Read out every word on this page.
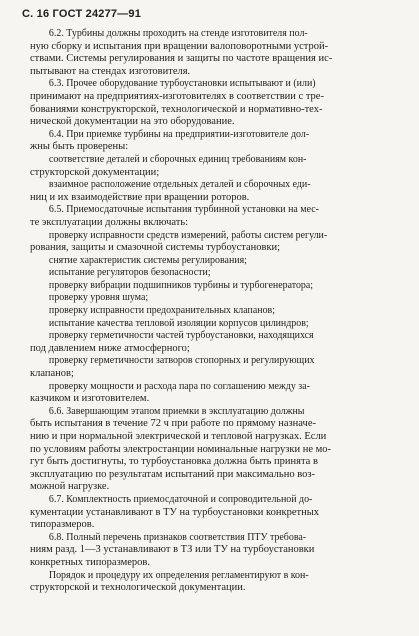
С. 16 ГОСТ 24277—91
6.2. Турбины должны проходить на стенде изготовителя пол-
ную сборку и испытания при вращении валоповоротными устрой-
ствами. Системы регулирования и защиты по частоте вращения ис-
пытывают на стендах изготовителя.
6.3. Прочее оборудование турбоустановки испытывают и (или)
принимают на предприятиях-изготовителях в соответствии с тре-
бованиями конструкторской, технологической и нормативно-тех-
нической документации на это оборудование.
6.4. При приемке турбины на предприятии-изготовителе дол-
жны быть проверены:
соответствие деталей и сборочных единиц требованиям кон-
структорской документации;
взаимное расположение отдельных деталей и сборочных еди-
ниц и их взаимодействие при вращении роторов.
6.5. Приемосдаточные испытания турбинной установки на мес-
те эксплуатации должны включать:
проверку исправности средств измерений, работы систем регули-
рования, защиты и смазочной системы турбоустановки;
снятие характеристик системы регулирования;
испытание регуляторов безопасности;
проверку вибрации подшипников турбины и турбогенератора;
проверку уровня шума;
проверку исправности предохранительных клапанов;
испытание качества тепловой изоляции корпусов цилиндров;
проверку герметичности частей турбоустановки, находящихся
под давлением ниже атмосферного;
проверку герметичности затворов стопорных и регулирующих
клапанов;
проверку мощности и расхода пара по соглашению между за-
казчиком и изготовителем.
6.6. Завершающим этапом приемки в эксплуатацию должны
быть испытания в течение 72 ч при работе по прямому назначе-
нию и при нормальной электрической и тепловой нагрузках. Если
по условиям работы электростанции номинальные нагрузки не мо-
гут быть достигнуты, то турбоустановка должна быть принята в
эксплуатацию по результатам испытаний при максимально воз-
можной нагрузке.
6.7. Комплектность приемосдаточной и сопроводительной до-
кументации устанавливают в ТУ на турбоустановки конкретных
типоразмеров.
6.8. Полный перечень признаков соответствия ПТУ требова-
ниям разд. 1—3 устанавливают в ТЗ или ТУ на турбоустановки
конкретных типоразмеров.
Порядок и процедуру их определения регламентируют в кон-
структорской и технологической документации.
